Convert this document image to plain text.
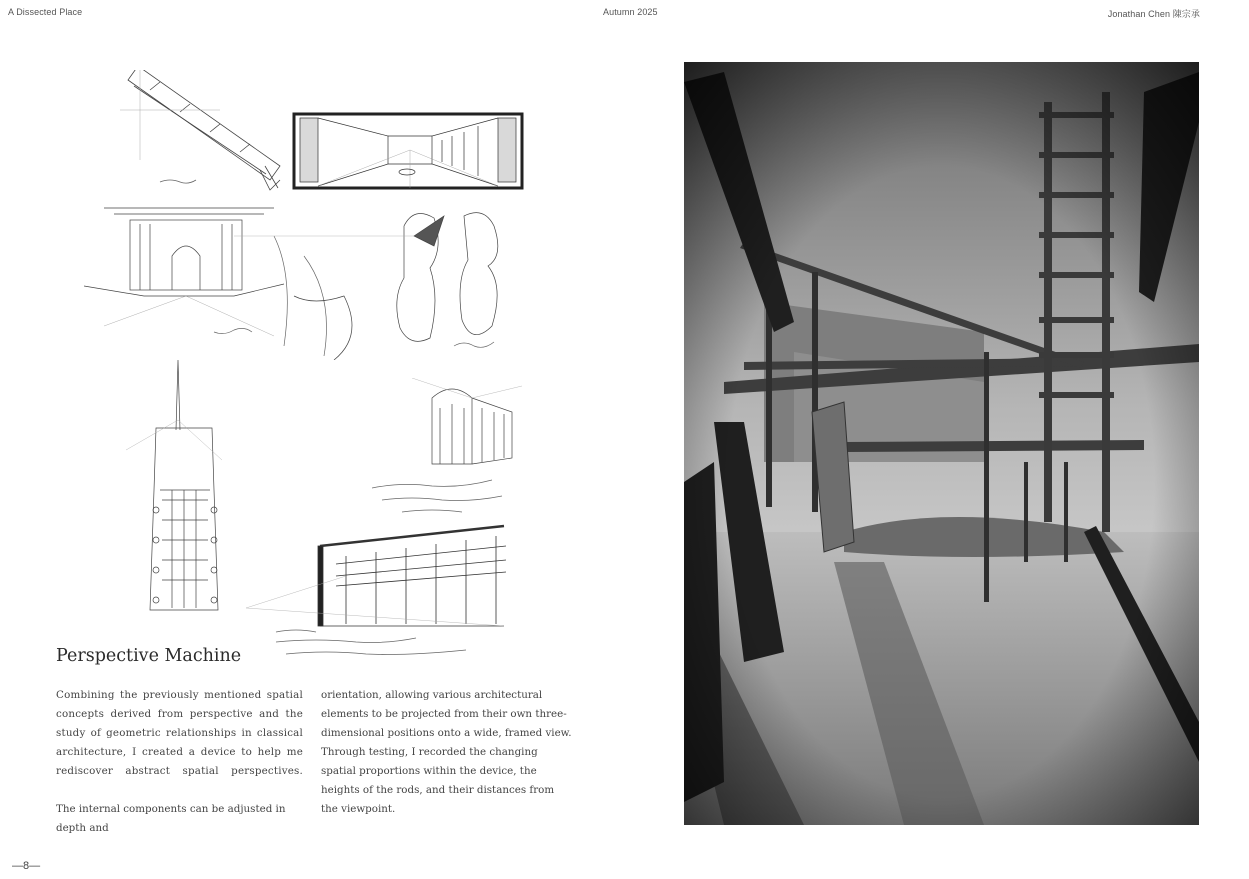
A Dissected Place	Autumn 2025	Jonathan Chen 陳宗承
Perspective Machine
Combining the previously mentioned spatial concepts derived from perspective and the study of geometric relationships in classical architecture, I created a device to help me rediscover abstract spatial perspectives.
The internal components can be adjusted in depth and
orientation, allowing various architectural elements to be projected from their own three-dimensional positions onto a wide, framed view. Through testing, I recorded the changing spatial proportions within the device, the heights of the rods, and their distances from the viewpoint.
—8—
